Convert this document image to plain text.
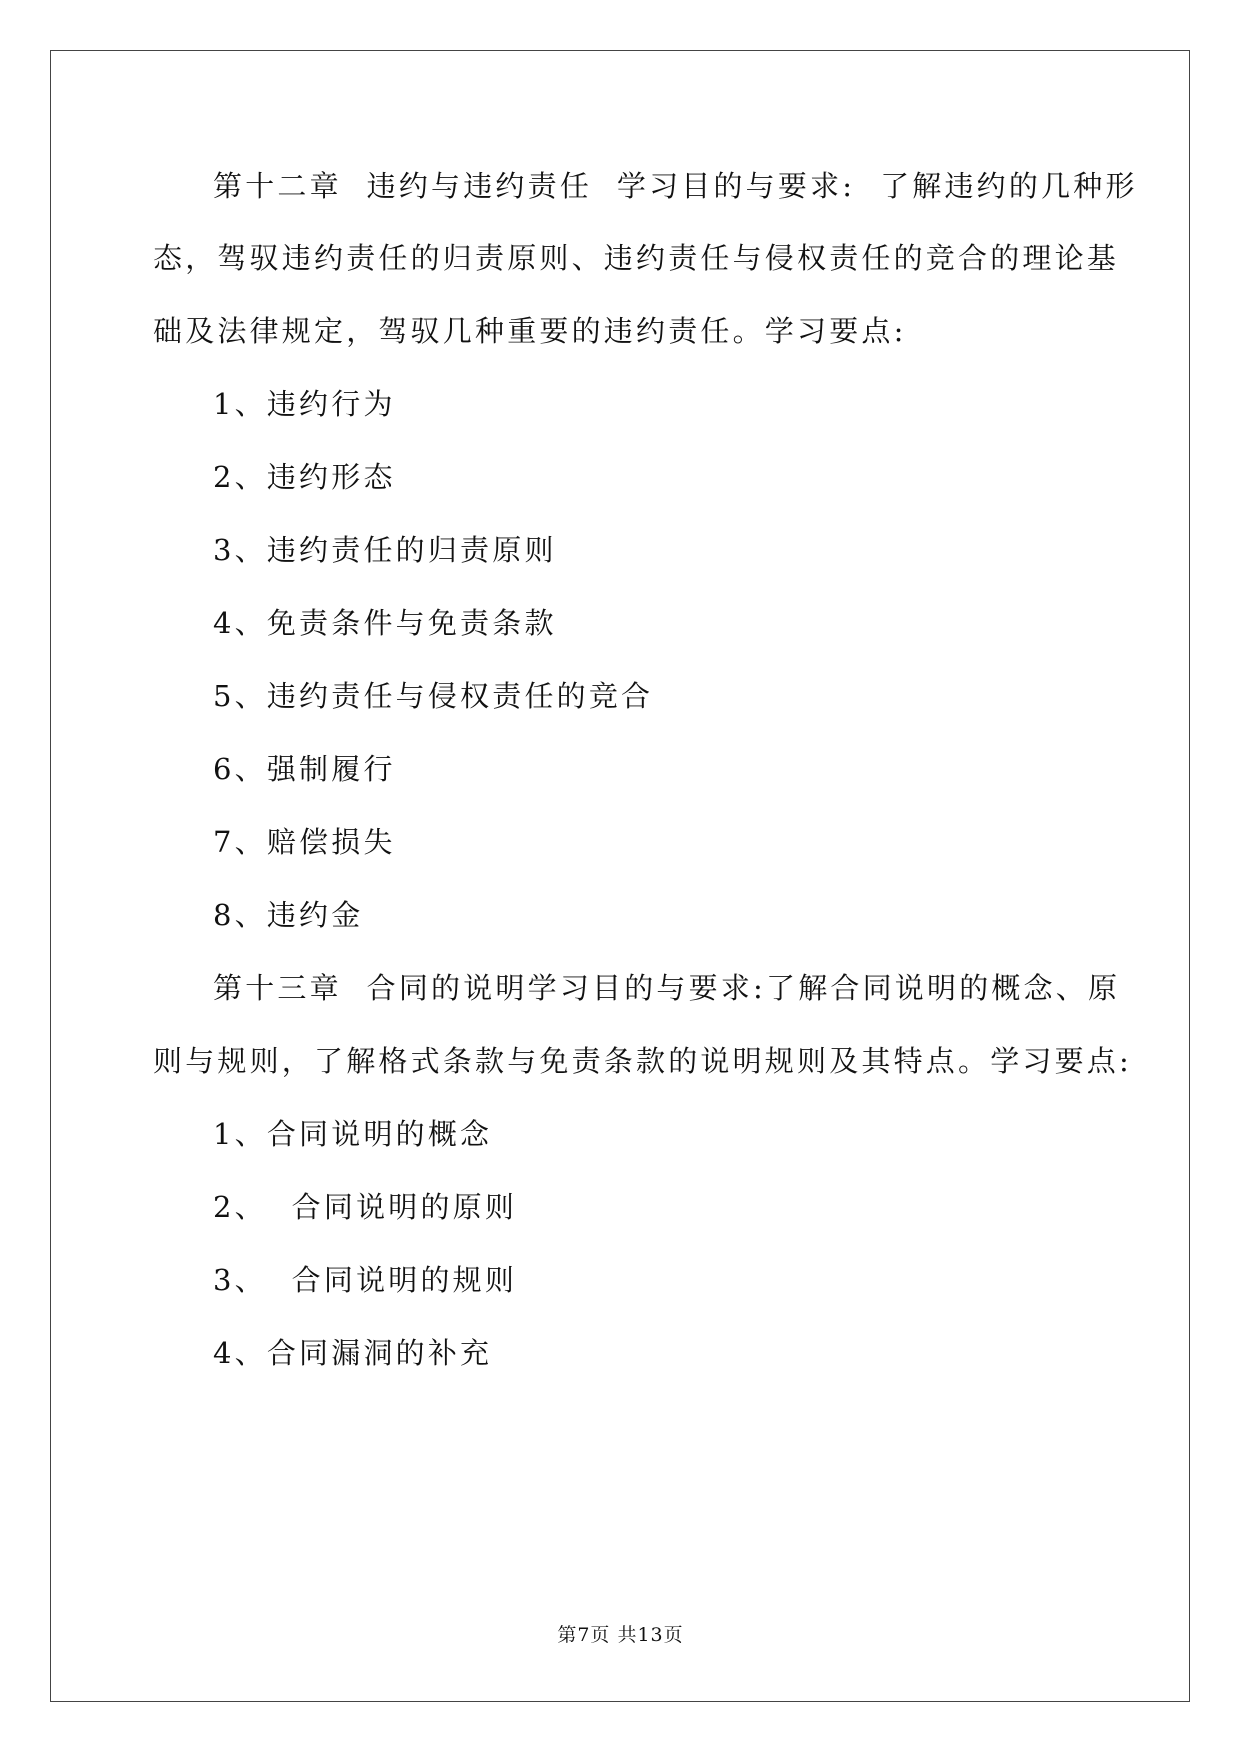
第十二章  违约与违约责任  学习目的与要求:  了解违约的几种形
态，驾驭违约责任的归责原则、违约责任与侵权责任的竞合的理论基
础及法律规定，驾驭几种重要的违约责任。学习要点:
1、违约行为
2、违约形态
3、违约责任的归责原则
4、免责条件与免责条款
5、违约责任与侵权责任的竞合
6、强制履行
7、赔偿损失
8、违约金
第十三章  合同的说明学习目的与要求:了解合同说明的概念、原
则与规则，了解格式条款与免责条款的说明规则及其特点。学习要点:
1、合同说明的概念
2、  合同说明的原则
3、  合同说明的规则
4、合同漏洞的补充
第7页 共13页
